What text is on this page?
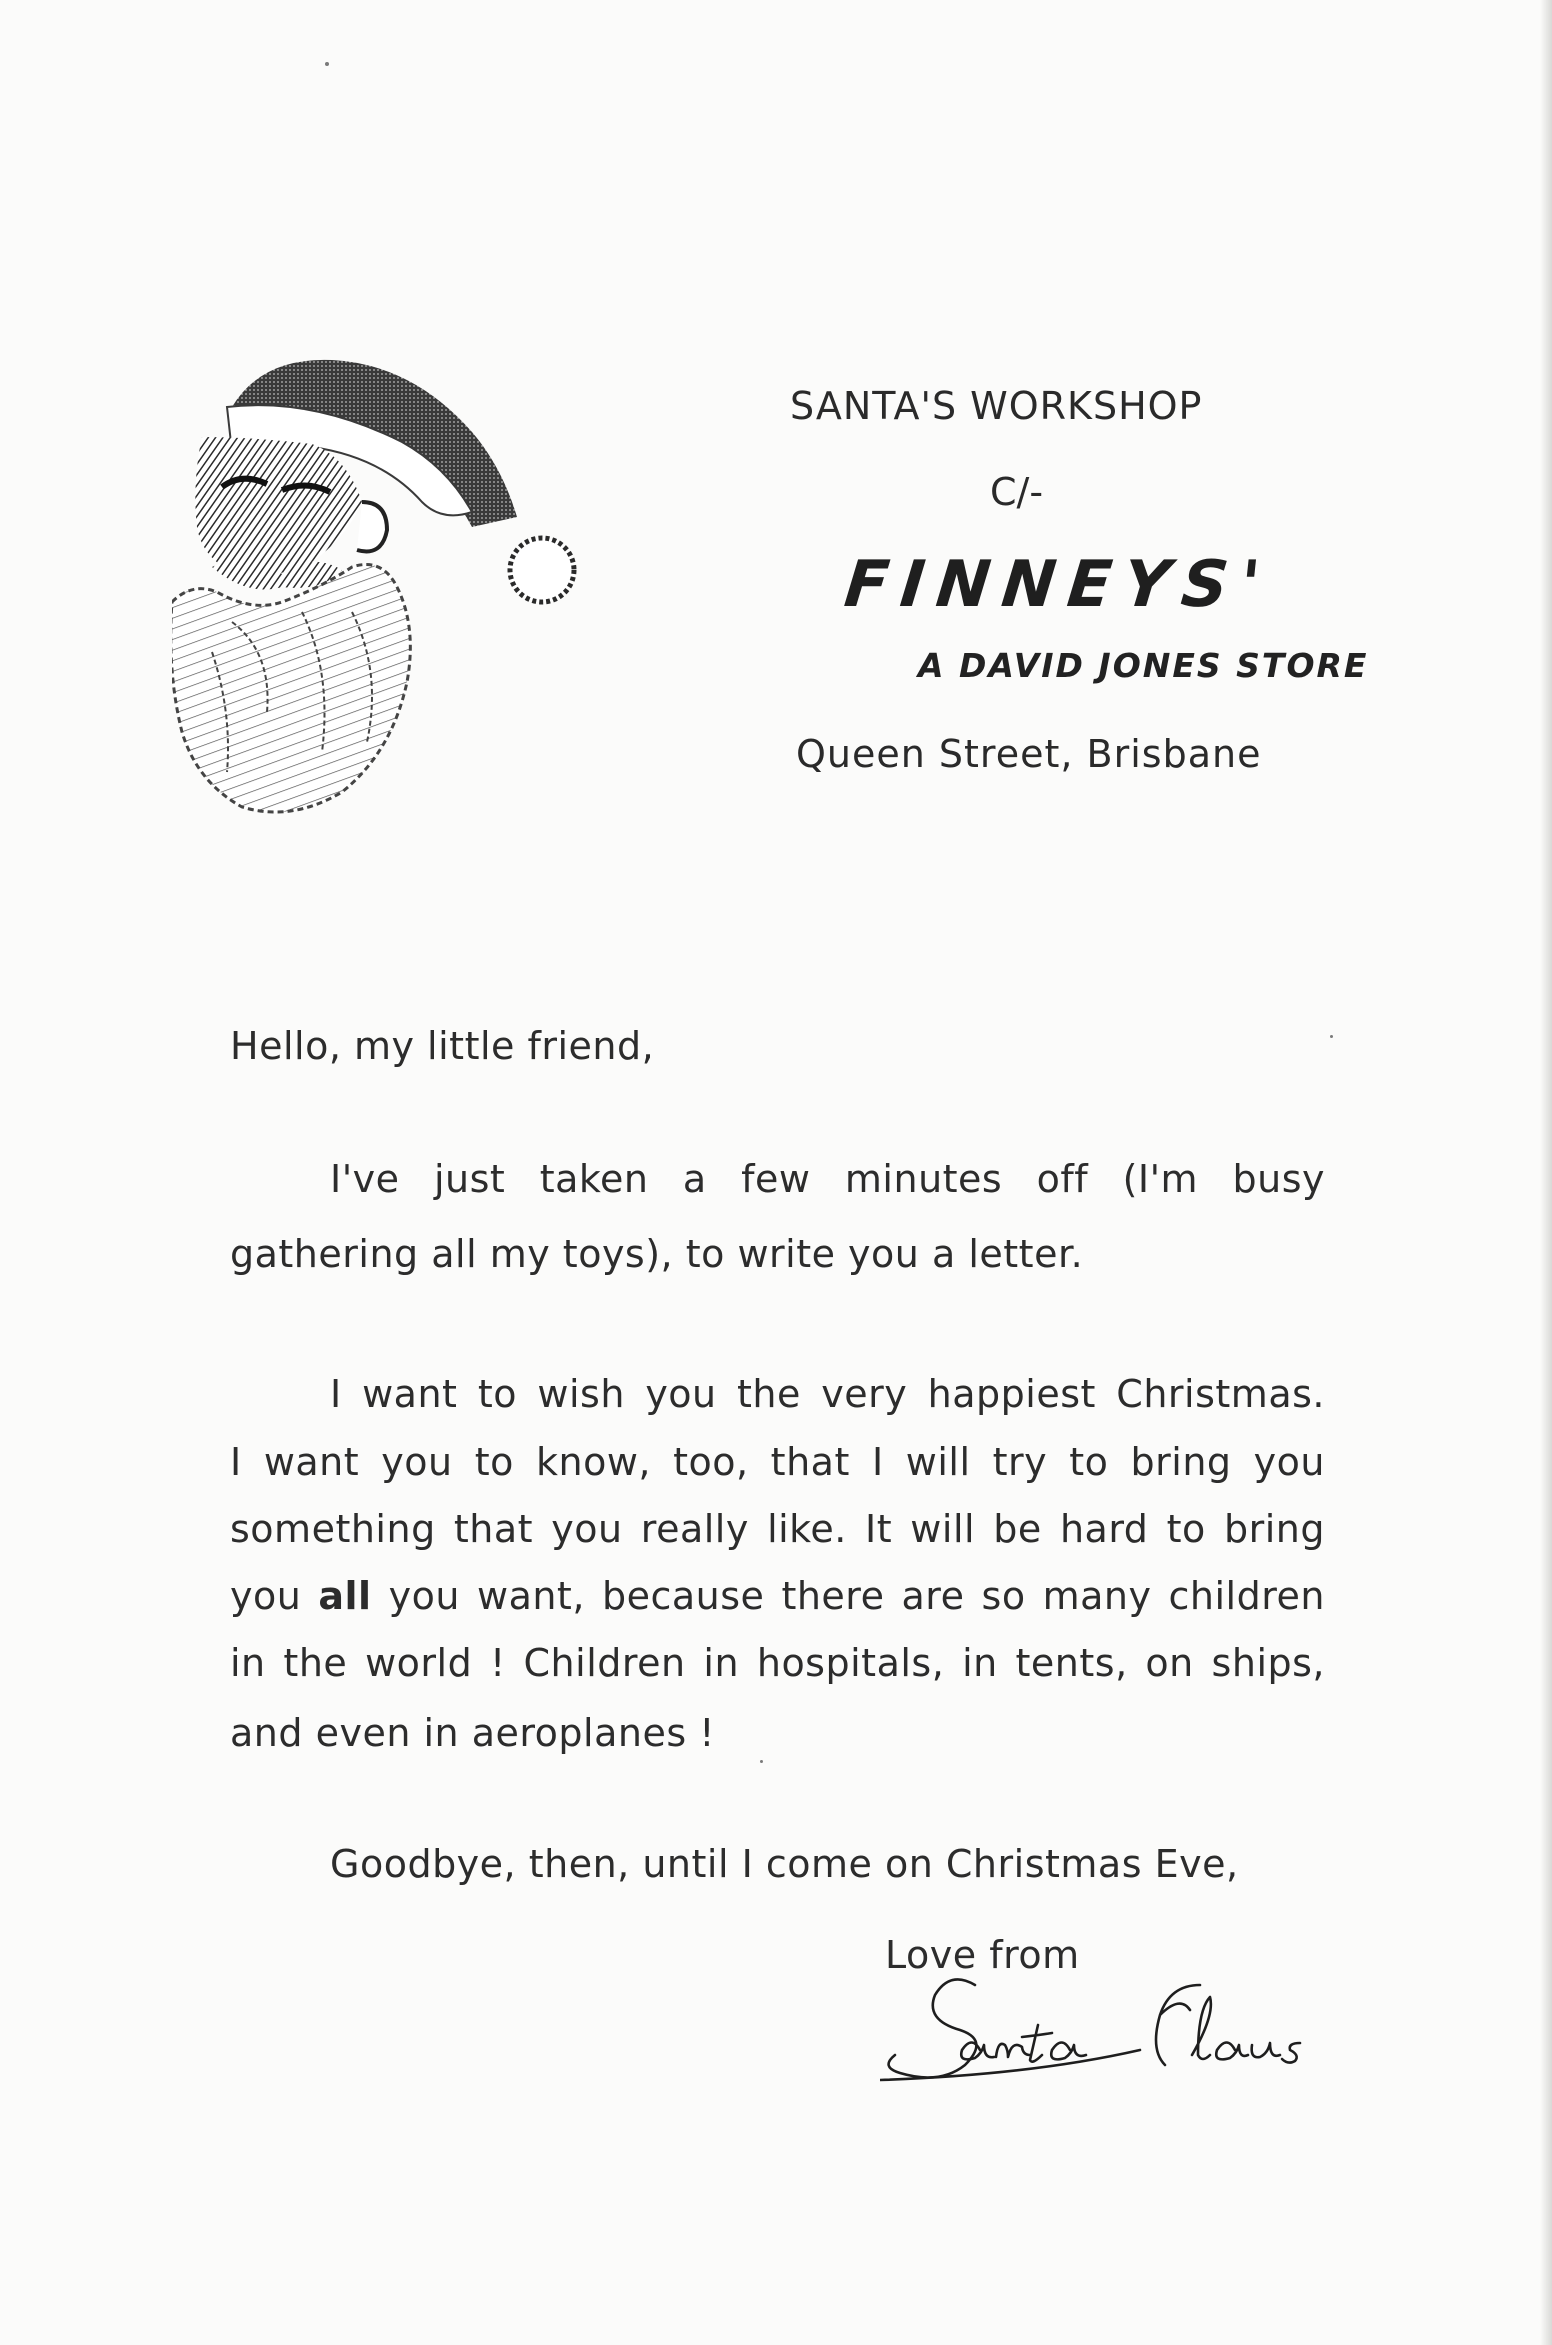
SANTA'S WORKSHOP
C/-
FINNEYS'
A DAVID JONES STORE
Queen Street, Brisbane
Hello, my little friend,
I've just taken a few minutes off (I'm busy
gathering all my toys), to write you a letter.
I want to wish you the very happiest Christmas.
I want you to know, too, that I will try to bring you
something that you really like. It will be hard to bring
you all you want, because there are so many children
in the world ! Children in hospitals, in tents, on ships,
and even in aeroplanes !
Goodbye, then, until I come on Christmas Eve,
Love from
